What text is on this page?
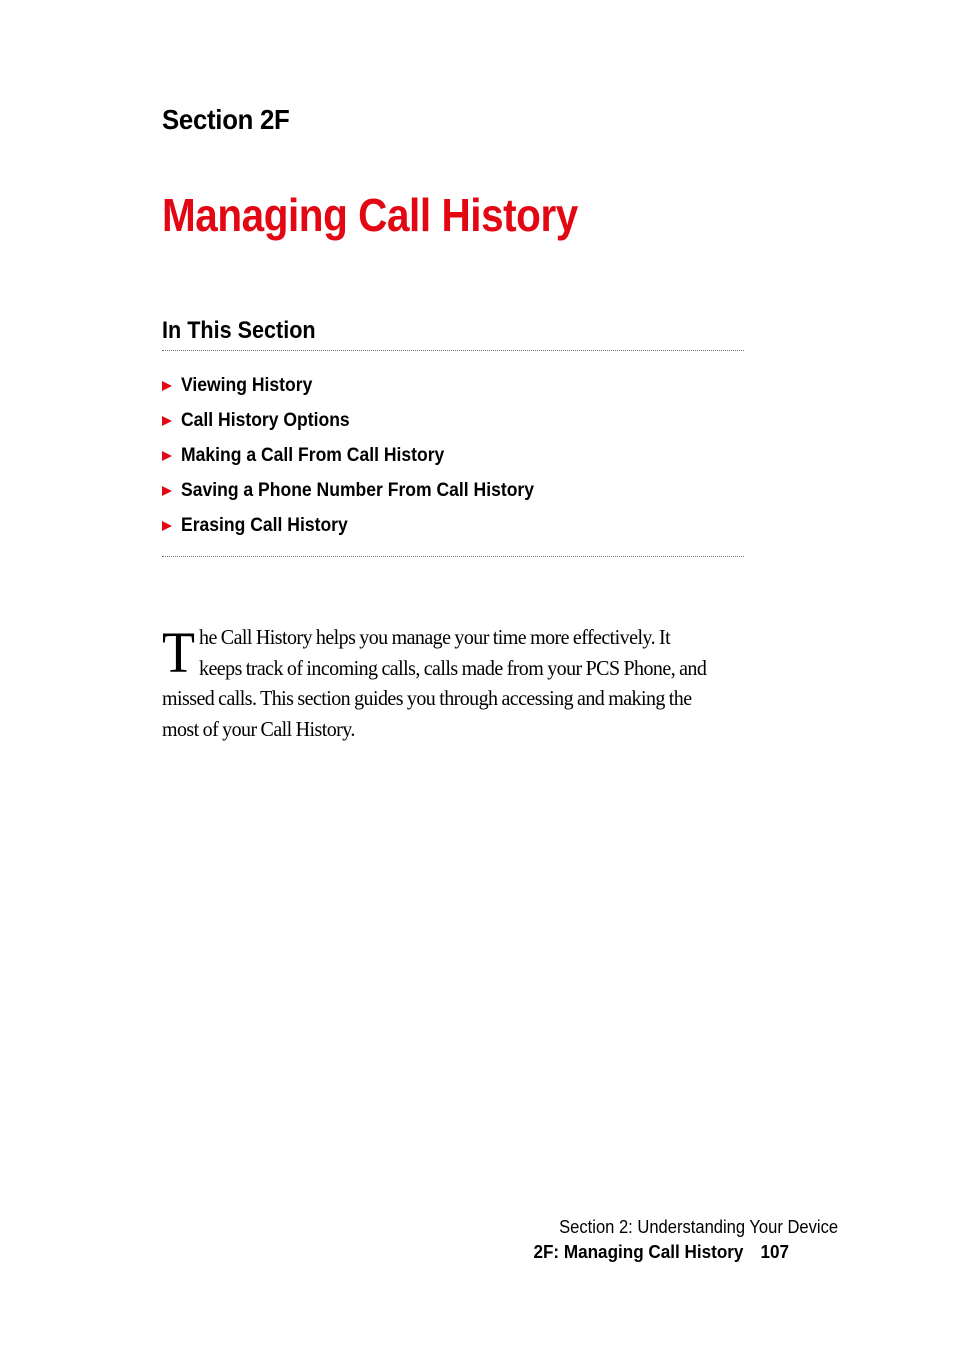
Section 2F
Managing Call History
In This Section
Viewing History
Call History Options
Making a Call From Call History
Saving a Phone Number From Call History
Erasing Call History

The Call History helps you manage your time more effectively. It keeps track of incoming calls, calls made from your PCS Phone, and missed calls. This section guides you through accessing and making the most of your Call History.

Section 2: Understanding Your Device
2F: Managing Call History 107
